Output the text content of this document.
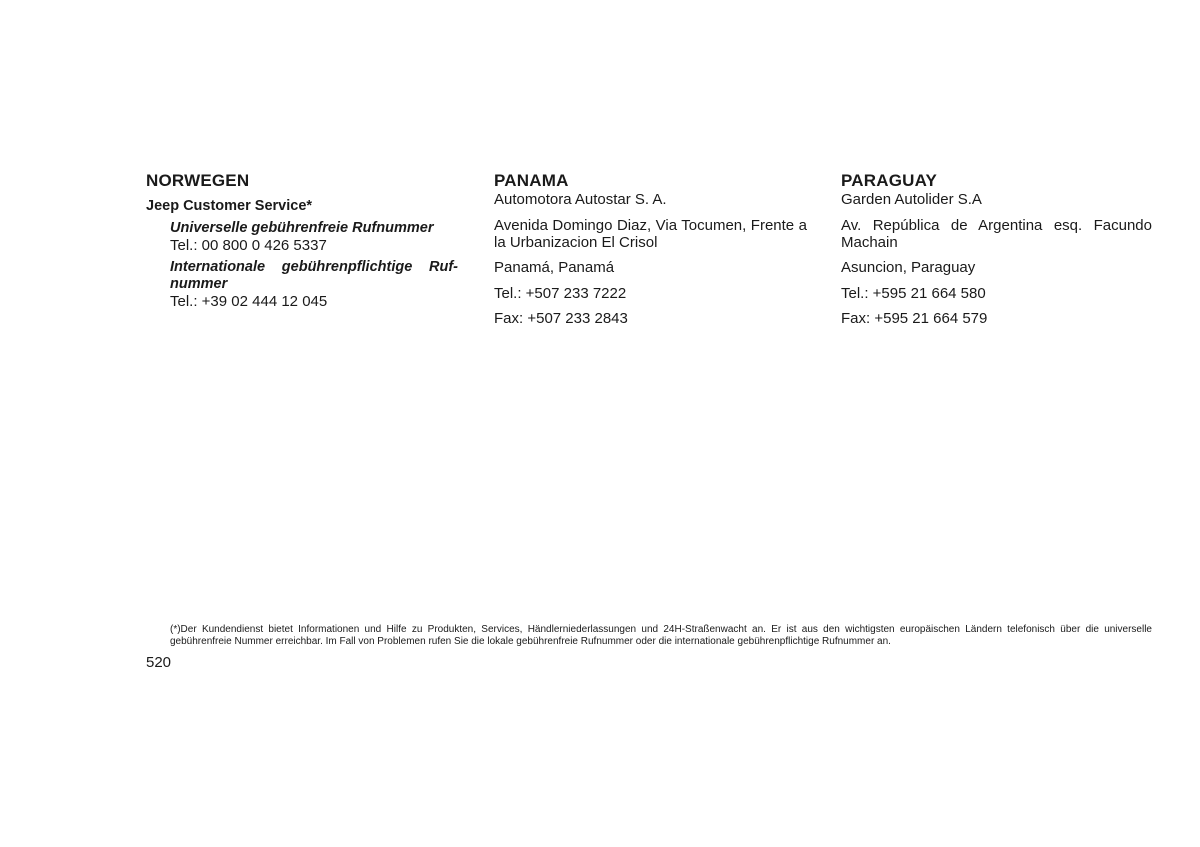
NORWEGEN

Jeep Customer Service*

Universelle gebührenfreie Rufnummer

Tel.: 00 800 0 426 5337

Internationale gebührenpflichtige Ruf-

nummer

Tel.: +39 02 444 12 045

PANAMA

Automotora Autostar S. A.

Avenida Domingo Diaz, Via Tocumen, Frente a

la Urbanizacion El Crisol

Panamá, Panamá

Tel.: +507 233 7222

Fax: +507 233 2843

PARAGUAY

Garden Autolider S.A

Av. República de Argentina esq. Facundo

Machain

Asuncion, Paraguay

Tel.: +595 21 664 580

Fax: +595 21 664 579

(*)Der Kundendienst bietet Informationen und Hilfe zu Produkten, Services, Händlerniederlassungen und 24H-Straßenwacht an. Er ist aus den wichtigsten europäischen Ländern telefonisch über die universelle gebührenfreie Nummer erreichbar. Im Fall von Problemen rufen Sie die lokale gebührenfreie Rufnummer oder die internationale gebührenpflichtige Rufnummer an.

520
